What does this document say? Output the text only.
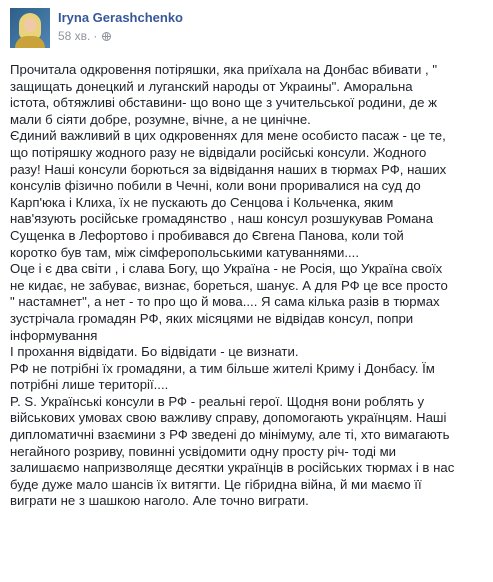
Iryna Gerashchenko
58 хв. ·
Прочитала одкровення потіряшки, яка приїхала на Донбас вбивати , "
защищать донецкий и луганский народы от Украины". Аморальна
істота, обтяжливі обставини- що воно ще з учительської родини, де ж
мали б сіяти добре, розумне, вічне, а не цинічне.
Єдиний важливий в цих одкровеннях для мене особисто пасаж - це те,
що потіряшку жодного разу не відвідали російські консули. Жодного
разу! Наші консули борються за відвідання наших в тюрмах РФ, наших
консулів фізично побили в Чечні, коли вони проривалися на суд до
Карп'юка і Клиха, їх не пускають до Сенцова і Кольченка, яким
нав'язують російське громадянство , наш консул розшукував Романа
Сущенка в Лефортово і пробивався до Євгена Панова, коли той
коротко був там, між сімферопольськими катуваннями....
Оце і є два світи , і слава Богу, що Україна - не Росія, що Україна своїх
не кидає, не забуває, визнає, бореться, шанує. А для РФ це все просто
" настамнет", а нет - то про що й мова.... Я сама кілька разів в тюрмах
зустрічала громадян РФ, яких місяцями не відвідав консул, попри
інформування
І прохання відвідати. Бо відвідати - це визнати.
РФ не потрібні їх громадяни, а тим більше жителі Криму і Донбасу. Їм
потрібні лише території....
P. S. Українські консули в РФ - реальні герої. Щодня вони роблять у
військових умовах свою важливу справу, допомогають українцям. Наші
дипломатичні взаємини з РФ зведені до мінімуму, але ті, хто вимагають
негайного розриву, повинні усвідомити одну просту річ- тоді ми
залишаємо напризволяще десятки українців в російських тюрмах і в нас
буде дуже мало шансів їх витягти. Це гібридна війна, й ми маємо її
виграти не з шашкою наголо. Але точно виграти.
